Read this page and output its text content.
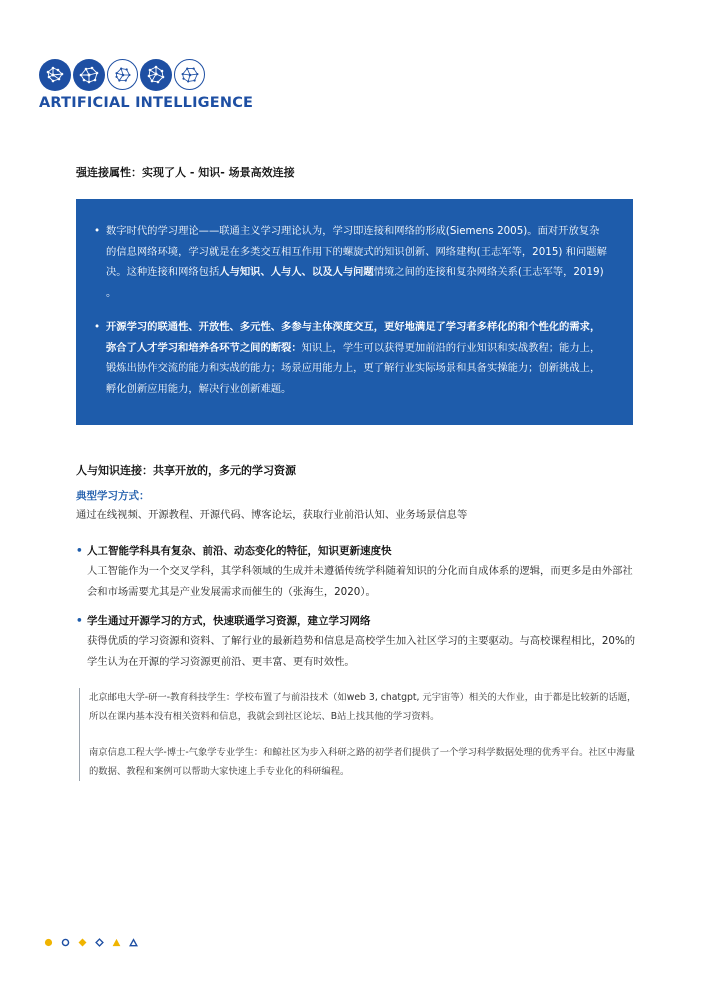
ARTIFICIAL INTELLIGENCE
强连接属性：实现了人 - 知识- 场景高效连接
• 数字时代的学习理论——联通主义学习理论认为，学习即连接和网络的形成(Siemens 2005)。面对开放复杂的信息网络环境，学习就是在多类交互相互作用下的螺旋式的知识创新、网络建构(王志军等，2015) 和问题解决。这种连接和网络包括人与知识、人与人、以及人与问题情境之间的连接和复杂网络关系(王志军等，2019) 。
• 开源学习的联通性、开放性、多元性、多参与主体深度交互，更好地满足了学习者多样化的和个性化的需求，弥合了人才学习和培养各环节之间的断裂：知识上，学生可以获得更加前沿的行业知识和实战教程；能力上，锻炼出协作交流的能力和实战的能力；场景应用能力上，更了解行业实际场景和具备实操能力；创新挑战上，孵化创新应用能力，解决行业创新难题。
人与知识连接：共享开放的，多元的学习资源
典型学习方式：
通过在线视频、开源教程、开源代码、博客论坛，获取行业前沿认知、业务场景信息等
• 人工智能学科具有复杂、前沿、动态变化的特征，知识更新速度快
人工智能作为一个交叉学科，其学科领域的生成并未遵循传统学科随着知识的分化而自成体系的逻辑，而更多是由外部社会和市场需要尤其是产业发展需求而催生的（张海生，2020）。
• 学生通过开源学习的方式，快速联通学习资源，建立学习网络
获得优质的学习资源和资料、了解行业的最新趋势和信息是高校学生加入社区学习的主要驱动。与高校课程相比，20%的学生认为在开源的学习资源更前沿、更丰富、更有时效性。
北京邮电大学-研一-教育科技学生：学校布置了与前沿技术（如web 3, chatgpt, 元宇宙等）相关的大作业，由于都是比较新的话题，所以在课内基本没有相关资料和信息，我就会到社区论坛、B站上找其他的学习资料。
南京信息工程大学-博士-气象学专业学生：和鲸社区为步入科研之路的初学者们提供了一个学习科学数据处理的优秀平台。社区中海量的数据、教程和案例可以帮助大家快速上手专业化的科研编程。
